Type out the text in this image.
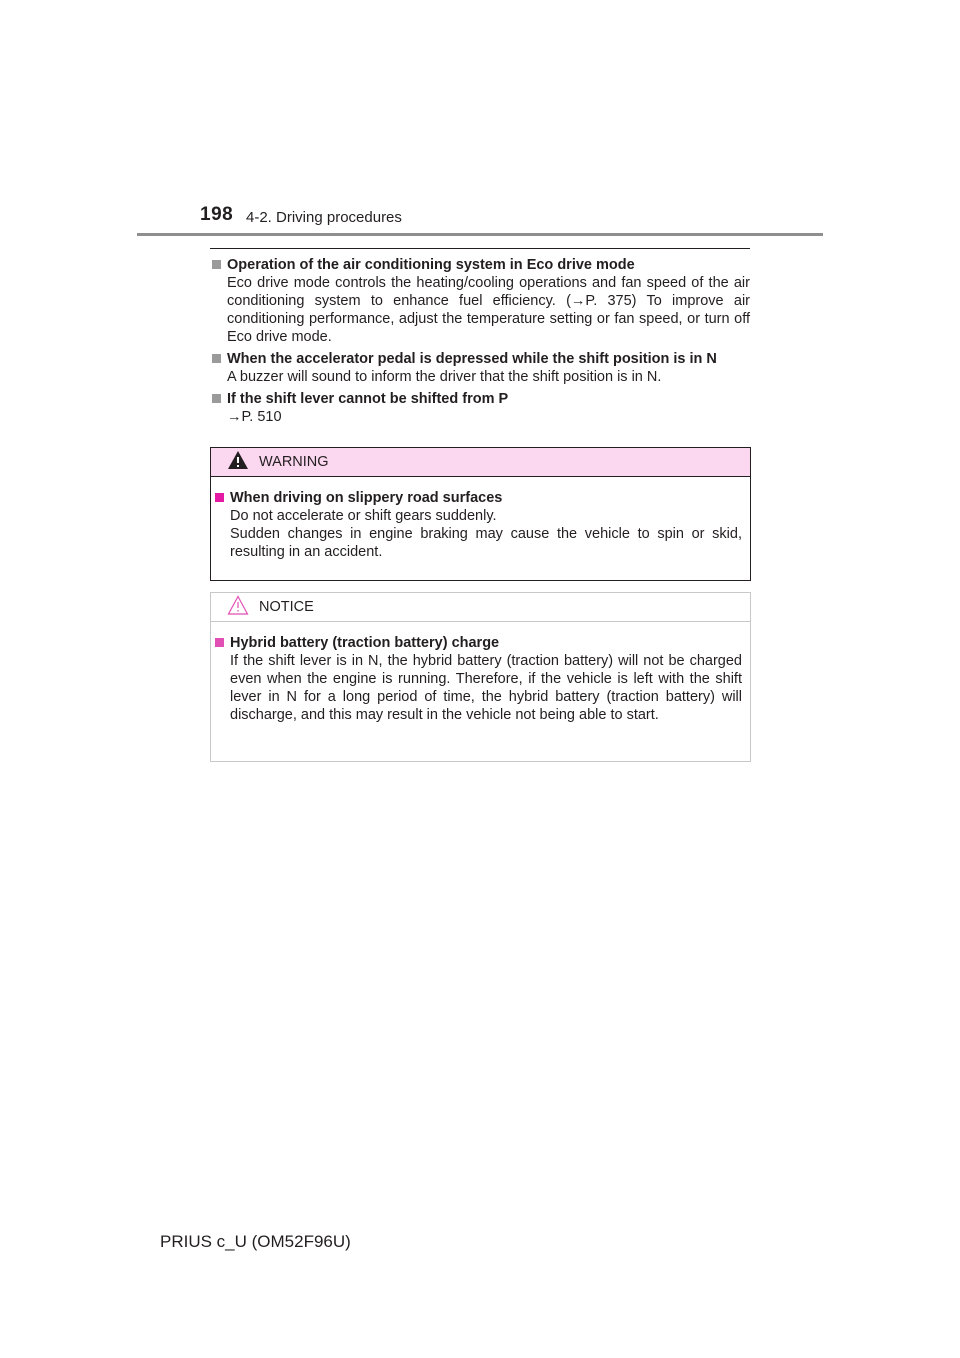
198 4-2. Driving procedures
Operation of the air conditioning system in Eco drive mode
Eco drive mode controls the heating/cooling operations and fan speed of the air conditioning system to enhance fuel efficiency. (→P. 375) To improve air conditioning performance, adjust the temperature setting or fan speed, or turn off Eco drive mode.
When the accelerator pedal is depressed while the shift position is in N
A buzzer will sound to inform the driver that the shift position is in N.
If the shift lever cannot be shifted from P
→P. 510
WARNING
When driving on slippery road surfaces
Do not accelerate or shift gears suddenly.
Sudden changes in engine braking may cause the vehicle to spin or skid, resulting in an accident.
NOTICE
Hybrid battery (traction battery) charge
If the shift lever is in N, the hybrid battery (traction battery) will not be charged even when the engine is running. Therefore, if the vehicle is left with the shift lever in N for a long period of time, the hybrid battery (traction battery) will discharge, and this may result in the vehicle not being able to start.
PRIUS c_U (OM52F96U)
